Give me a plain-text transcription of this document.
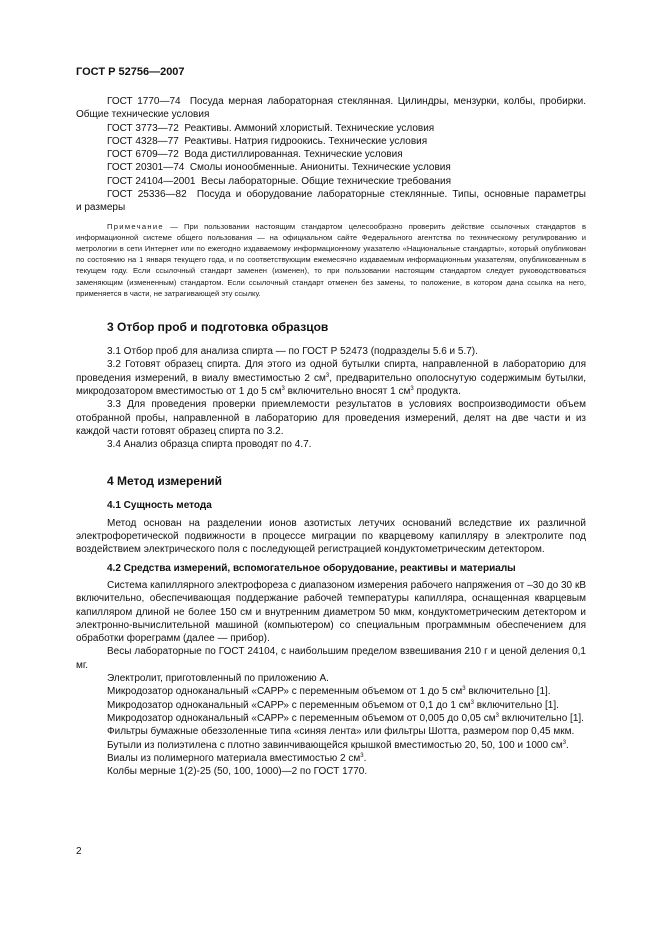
ГОСТ Р 52756—2007

ГОСТ 1770—74 Посуда мерная лабораторная стеклянная. Цилиндры, мензурки, колбы, пробирки.

Общие технические условия

ГОСТ 3773—72 Реактивы. Аммоний хлористый. Технические условия

ГОСТ 4328—77 Реактивы. Натрия гидроокись. Технические условия

ГОСТ 6709—72 Вода дистиллированная. Технические условия

ГОСТ 20301—74 Смолы ионообменные. Аниониты. Технические условия

ГОСТ 24104—2001 Весы лабораторные. Общие технические требования

ГОСТ 25336—82 Посуда и оборудование лабораторные стеклянные. Типы, основные параметры

и размеры

Примечание — При пользовании настоящим стандартом целесообразно проверить действие ссылочных стандартов в информационной системе общего пользования — на официальном сайте Федерального агентства по техническому регулированию и метрологии в сети Интернет или по ежегодно издаваемому информационному указателю «Национальные стандарты», который опубликован по состоянию на 1 января текущего года, и по соответствующим ежемесячно издаваемым информационным указателям, опубликованным в текущем году. Если ссылочный стандарт заменен (изменен), то при пользовании настоящим стандартом следует руководствоваться заменяющим (измененным) стандартом. Если ссылочный стандарт отменен без замены, то положение, в котором дана ссылка на него, применяется в части, не затрагивающей эту ссылку.

3 Отбор проб и подготовка образцов

3.1 Отбор проб для анализа спирта — по ГОСТ Р 52473 (подразделы 5.6 и 5.7).

3.2 Готовят образец спирта. Для этого из одной бутылки спирта, направленной в лабораторию для проведения измерений, в виалу вместимостью 2 $см^3$, предварительно ополоснутую содержимым бутылки, микродозатором вместимостью от 1 до 5 $см^3$ включительно вносят 1 $см^3$ продукта.

3.3 Для проведения проверки приемлемости результатов в условиях воспроизводимости объем отобранной пробы, направленной в лабораторию для проведения измерений, делят на две части и из каждой части готовят образец спирта по 3.2.

3.4 Анализ образца спирта проводят по 4.7.

4 Метод измерений
4.1 Сущность метода

Метод основан на разделении ионов азотистых летучих оснований вследствие их различной электрофоретической подвижности в процессе миграции по кварцевому капилляру в электролите под воздействием электрического поля с последующей регистрацией кондуктометрическим детектором.

4.2 Средства измерений, вспомогательное оборудование, реактивы и материалы

Система капиллярного электрофореза с диапазоном измерения рабочего напряжения от –30 до 30 кВ включительно, обеспечивающая поддержание рабочей температуры капилляра, оснащенная кварцевым капилляром длиной не более 150 см и внутренним диаметром 50 мкм, кондуктометрическим детектором и электронно-вычислительной машиной (компьютером) со специальным программным обеспечением для обработки фореграмм (далее — прибор).

Весы лабораторные по ГОСТ 24104, с наибольшим пределом взвешивания 210 г и ценой деления 0,1 мг.

Электролит, приготовленный по приложению А.

Микродозатор одноканальный «САРР» с переменным объемом от 1 до 5 $см^3$ включительно [1].

Микродозатор одноканальный «САРР» с переменным объемом от 0,1 до 1 $см^3$ включительно [1].

Микродозатор одноканальный «САРР» с переменным объемом от 0,005 до 0,05 $см^3$ включительно [1].

Фильтры бумажные обеззоленные типа «синяя лента» или фильтры Шотта, размером пор 0,45 мкм.

Бутыли из полиэтилена с плотно завинчивающейся крышкой вместимостью 20, 50, 100 и 1000 $см^3$.

Виалы из полимерного материала вместимостью 2 $см^3$.

Колбы мерные 1(2)-25 (50, 100, 1000)—2 по ГОСТ 1770.

2
